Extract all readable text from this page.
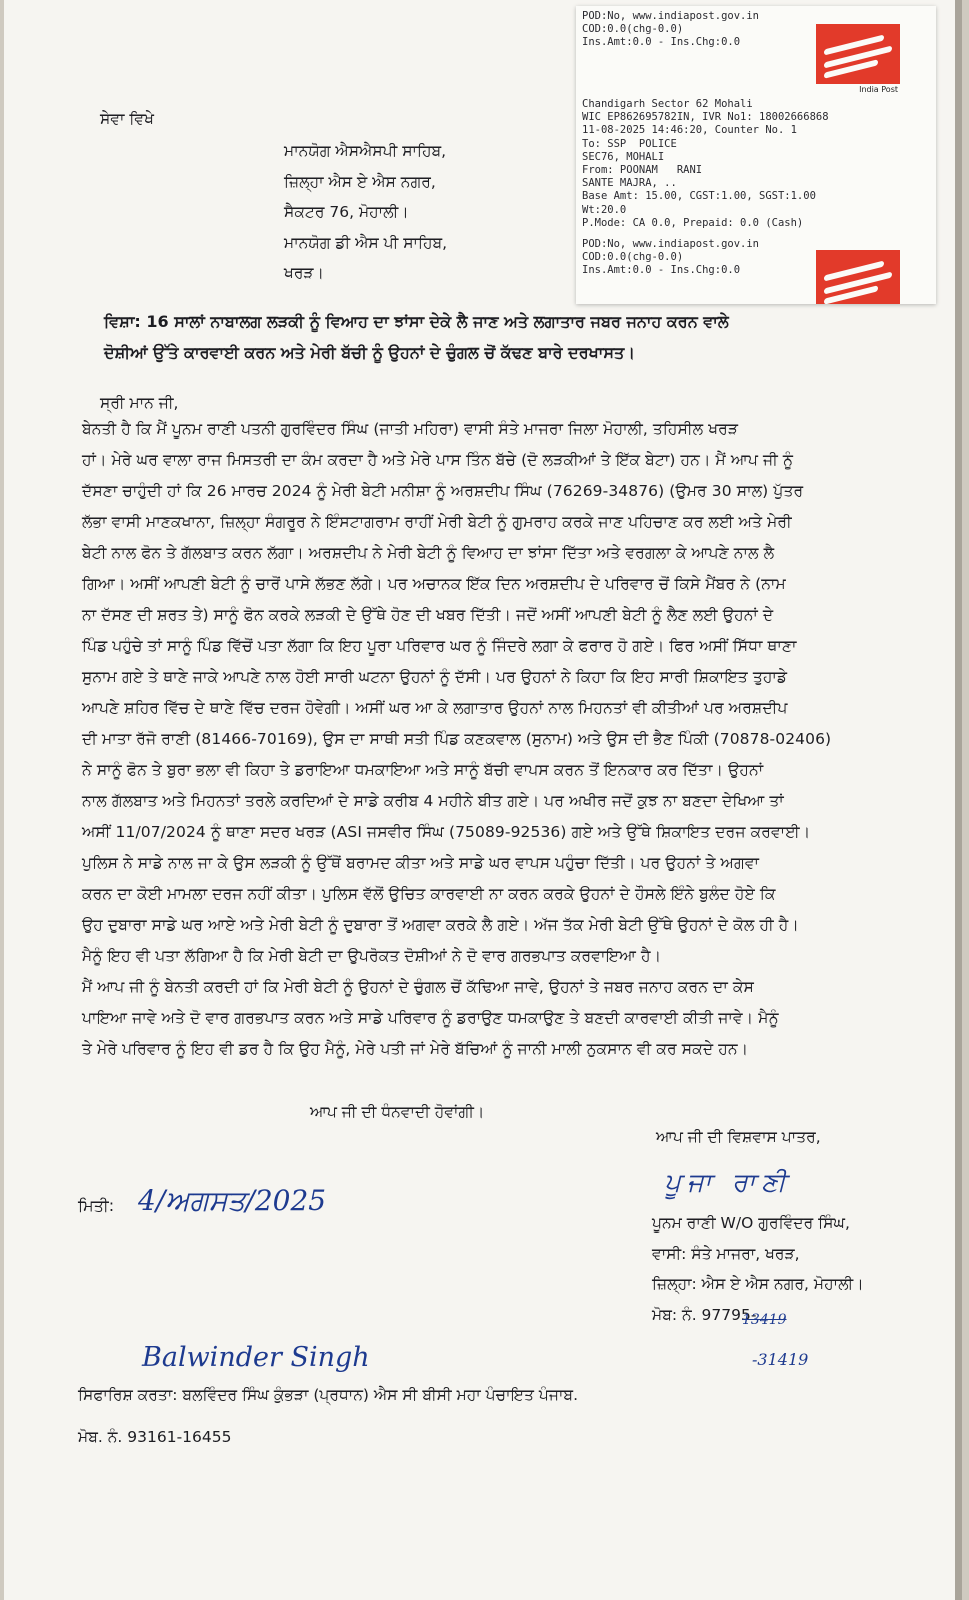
POD:No, www.indiapost.gov.in
COD:0.0(chg-0.0)
Ins.Amt:0.0 - Ins.Chg:0.0
Chandigarh Sector 62 Mohali
WIC EP862695782IN, IVR No1: 18002666868
11-08-2025 14:46:20, Counter No. 1
To: SSP  POLICE
SEC76, MOHALI
From: POONAM   RANI
SANTE MAJRA, ..
Base Amt: 15.00, CGST:1.00, SGST:1.00
Wt:20.0
P.Mode: CA 0.0, Prepaid: 0.0 (Cash)
POD:No, www.indiapost.gov.in
COD:0.0(chg-0.0)
Ins.Amt:0.0 - Ins.Chg:0.0
India Post
ਸੇਵਾ ਵਿਖੇ
ਮਾਨਯੋਗ ਐਸਐਸਪੀ ਸਾਹਿਬ,
ਜ਼ਿਲ੍ਹਾ ਐਸ ਏ ਐਸ ਨਗਰ,
ਸੈਕਟਰ 76, ਮੋਹਾਲੀ।
ਮਾਨਯੋਗ ਡੀ ਐਸ ਪੀ ਸਾਹਿਬ,
ਖਰੜ।
ਵਿਸ਼ਾ: 16 ਸਾਲਾਂ ਨਾਬਾਲਗ ਲੜਕੀ ਨੂੰ ਵਿਆਹ ਦਾ ਝਾਂਸਾ ਦੇਕੇ ਲੈ ਜਾਣ ਅਤੇ ਲਗਾਤਾਰ ਜਬਰ ਜਨਾਹ ਕਰਨ ਵਾਲੇ
ਦੋਸ਼ੀਆਂ ਉੱਤੇ ਕਾਰਵਾਈ ਕਰਨ ਅਤੇ ਮੇਰੀ ਬੱਚੀ ਨੂੰ ਉਹਨਾਂ ਦੇ ਚੁੰਗਲ ਚੋਂ ਕੱਢਣ ਬਾਰੇ ਦਰਖਾਸਤ।
ਸ੍ਰੀ ਮਾਨ ਜੀ,
ਬੇਨਤੀ ਹੈ ਕਿ ਮੈਂ ਪੂਨਮ ਰਾਣੀ ਪਤਨੀ ਗੁਰਵਿੰਦਰ ਸਿੰਘ (ਜਾਤੀ ਮਹਿਰਾ) ਵਾਸੀ ਸੰਤੇ ਮਾਜਰਾ ਜਿਲਾ ਮੋਹਾਲੀ, ਤਹਿਸੀਲ ਖਰੜ
ਹਾਂ। ਮੇਰੇ ਘਰ ਵਾਲਾ ਰਾਜ ਮਿਸਤਰੀ ਦਾ ਕੰਮ ਕਰਦਾ ਹੈ ਅਤੇ ਮੇਰੇ ਪਾਸ ਤਿੰਨ ਬੱਚੇ (ਦੋ ਲੜਕੀਆਂ ਤੇ ਇੱਕ ਬੇਟਾ) ਹਨ। ਮੈਂ ਆਪ ਜੀ ਨੂੰ
ਦੱਸਣਾ ਚਾਹੁੰਦੀ ਹਾਂ ਕਿ 26 ਮਾਰਚ 2024 ਨੂੰ ਮੇਰੀ ਬੇਟੀ ਮਨੀਸ਼ਾ ਨੂੰ ਅਰਸ਼ਦੀਪ ਸਿੰਘ (76269-34876) (ਉਮਰ 30 ਸਾਲ) ਪੁੱਤਰ
ਲੱਭਾ ਵਾਸੀ ਮਾਣਕਖਾਨਾ, ਜ਼ਿਲ੍ਹਾ ਸੰਗਰੂਰ ਨੇ ਇੰਸਟਾਗਰਾਮ ਰਾਹੀਂ ਮੇਰੀ ਬੇਟੀ ਨੂੰ ਗੁਮਰਾਹ ਕਰਕੇ ਜਾਣ ਪਹਿਚਾਣ ਕਰ ਲਈ ਅਤੇ ਮੇਰੀ
ਬੇਟੀ ਨਾਲ ਫੋਨ ਤੇ ਗੱਲਬਾਤ ਕਰਨ ਲੱਗਾ। ਅਰਸ਼ਦੀਪ ਨੇ ਮੇਰੀ ਬੇਟੀ ਨੂੰ ਵਿਆਹ ਦਾ ਝਾਂਸਾ ਦਿੱਤਾ ਅਤੇ ਵਰਗਲਾ ਕੇ ਆਪਣੇ ਨਾਲ ਲੈ
ਗਿਆ। ਅਸੀਂ ਆਪਣੀ ਬੇਟੀ ਨੂੰ ਚਾਰੋਂ ਪਾਸੇ ਲੱਭਣ ਲੱਗੇ। ਪਰ ਅਚਾਨਕ ਇੱਕ ਦਿਨ ਅਰਸ਼ਦੀਪ ਦੇ ਪਰਿਵਾਰ ਚੋਂ ਕਿਸੇ ਮੈਂਬਰ ਨੇ (ਨਾਮ
ਨਾ ਦੱਸਣ ਦੀ ਸ਼ਰਤ ਤੇ) ਸਾਨੂੰ ਫੋਨ ਕਰਕੇ ਲੜਕੀ ਦੇ ਉੱਥੇ ਹੋਣ ਦੀ ਖਬਰ ਦਿੱਤੀ। ਜਦੋਂ ਅਸੀਂ ਆਪਣੀ ਬੇਟੀ ਨੂੰ ਲੈਣ ਲਈ ਉਹਨਾਂ ਦੇ
ਪਿੰਡ ਪਹੁੰਚੇ ਤਾਂ ਸਾਨੂੰ ਪਿੰਡ ਵਿੱਚੋਂ ਪਤਾ ਲੱਗਾ ਕਿ ਇਹ ਪੂਰਾ ਪਰਿਵਾਰ ਘਰ ਨੂੰ ਜਿੰਦਰੇ ਲਗਾ ਕੇ ਫਰਾਰ ਹੋ ਗਏ। ਫਿਰ ਅਸੀਂ ਸਿੱਧਾ ਥਾਣਾ
ਸੁਨਾਮ ਗਏ ਤੇ ਥਾਣੇ ਜਾਕੇ ਆਪਣੇ ਨਾਲ ਹੋਈ ਸਾਰੀ ਘਟਨਾ ਉਹਨਾਂ ਨੂੰ ਦੱਸੀ। ਪਰ ਉਹਨਾਂ ਨੇ ਕਿਹਾ ਕਿ ਇਹ ਸਾਰੀ ਸ਼ਿਕਾਇਤ ਤੁਹਾਡੇ
ਆਪਣੇ ਸ਼ਹਿਰ ਵਿੱਚ ਦੇ ਥਾਣੇ ਵਿੱਚ ਦਰਜ ਹੋਵੇਗੀ। ਅਸੀਂ ਘਰ ਆ ਕੇ ਲਗਾਤਾਰ ਉਹਨਾਂ ਨਾਲ ਮਿਹਨਤਾਂ ਵੀ ਕੀਤੀਆਂ ਪਰ ਅਰਸ਼ਦੀਪ
ਦੀ ਮਾਤਾ ਰੱਜੋ ਰਾਣੀ (81466-70169), ਉਸ ਦਾ ਸਾਥੀ ਸਤੀ ਪਿੰਡ ਕਣਕਵਾਲ (ਸੁਨਾਮ) ਅਤੇ ਉਸ ਦੀ ਭੈਣ ਪਿੰਕੀ (70878-02406)
ਨੇ ਸਾਨੂੰ ਫੋਨ ਤੇ ਬੁਰਾ ਭਲਾ ਵੀ ਕਿਹਾ ਤੇ ਡਰਾਇਆ ਧਮਕਾਇਆ ਅਤੇ ਸਾਨੂੰ ਬੱਚੀ ਵਾਪਸ ਕਰਨ ਤੋਂ ਇਨਕਾਰ ਕਰ ਦਿੱਤਾ। ਉਹਨਾਂ
ਨਾਲ ਗੱਲਬਾਤ ਅਤੇ ਮਿਹਨਤਾਂ ਤਰਲੇ ਕਰਦਿਆਂ ਦੇ ਸਾਡੇ ਕਰੀਬ 4 ਮਹੀਨੇ ਬੀਤ ਗਏ। ਪਰ ਅਖੀਰ ਜਦੋਂ ਕੁਝ ਨਾ ਬਣਦਾ ਦੇਖਿਆ ਤਾਂ
ਅਸੀਂ 11/07/2024 ਨੂੰ ਥਾਣਾ ਸਦਰ ਖਰੜ (ASI ਜਸਵੀਰ ਸਿੰਘ (75089-92536) ਗਏ ਅਤੇ ਉੱਥੇ ਸ਼ਿਕਾਇਤ ਦਰਜ ਕਰਵਾਈ।
ਪੁਲਿਸ ਨੇ ਸਾਡੇ ਨਾਲ ਜਾ ਕੇ ਉਸ ਲੜਕੀ ਨੂੰ ਉੱਥੋਂ ਬਰਾਮਦ ਕੀਤਾ ਅਤੇ ਸਾਡੇ ਘਰ ਵਾਪਸ ਪਹੁੰਚਾ ਦਿੱਤੀ। ਪਰ ਉਹਨਾਂ ਤੇ ਅਗਵਾ
ਕਰਨ ਦਾ ਕੋਈ ਮਾਮਲਾ ਦਰਜ ਨਹੀਂ ਕੀਤਾ। ਪੁਲਿਸ ਵੱਲੋਂ ਉਚਿਤ ਕਾਰਵਾਈ ਨਾ ਕਰਨ ਕਰਕੇ ਉਹਨਾਂ ਦੇ ਹੌਸਲੇ ਇੰਨੇ ਬੁਲੰਦ ਹੋਏ ਕਿ
ਉਹ ਦੁਬਾਰਾ ਸਾਡੇ ਘਰ ਆਏ ਅਤੇ ਮੇਰੀ ਬੇਟੀ ਨੂੰ ਦੁਬਾਰਾ ਤੋਂ ਅਗਵਾ ਕਰਕੇ ਲੈ ਗਏ। ਅੱਜ ਤੱਕ ਮੇਰੀ ਬੇਟੀ ਉੱਥੇ ਉਹਨਾਂ ਦੇ ਕੋਲ ਹੀ ਹੈ।
ਮੈਨੂੰ ਇਹ ਵੀ ਪਤਾ ਲੱਗਿਆ ਹੈ ਕਿ ਮੇਰੀ ਬੇਟੀ ਦਾ ਉਪਰੋਕਤ ਦੋਸ਼ੀਆਂ ਨੇ ਦੋ ਵਾਰ ਗਰਭਪਾਤ ਕਰਵਾਇਆ ਹੈ।
ਮੈਂ ਆਪ ਜੀ ਨੂੰ ਬੇਨਤੀ ਕਰਦੀ ਹਾਂ ਕਿ ਮੇਰੀ ਬੇਟੀ ਨੂੰ ਉਹਨਾਂ ਦੇ ਚੁੰਗਲ ਚੋਂ ਕੱਢਿਆ ਜਾਵੇ, ਉਹਨਾਂ ਤੇ ਜਬਰ ਜਨਾਹ ਕਰਨ ਦਾ ਕੇਸ
ਪਾਇਆ ਜਾਵੇ ਅਤੇ ਦੋ ਵਾਰ ਗਰਭਪਾਤ ਕਰਨ ਅਤੇ ਸਾਡੇ ਪਰਿਵਾਰ ਨੂੰ ਡਰਾਉਣ ਧਮਕਾਉਣ ਤੇ ਬਣਦੀ ਕਾਰਵਾਈ ਕੀਤੀ ਜਾਵੇ। ਮੈਨੂੰ
ਤੇ ਮੇਰੇ ਪਰਿਵਾਰ ਨੂੰ ਇਹ ਵੀ ਡਰ ਹੈ ਕਿ ਉਹ ਮੈਨੂੰ, ਮੇਰੇ ਪਤੀ ਜਾਂ ਮੇਰੇ ਬੱਚਿਆਂ ਨੂੰ ਜਾਨੀ ਮਾਲੀ ਨੁਕਸਾਨ ਵੀ ਕਰ ਸਕਦੇ ਹਨ।
ਆਪ ਜੀ ਦੀ ਧੰਨਵਾਦੀ ਹੋਵਾਂਗੀ।
ਆਪ ਜੀ ਦੀ ਵਿਸ਼ਵਾਸ ਪਾਤਰ,
ਮਿਤੀ: 4/ਅਗਸਤ/2025
ਪੂਜਾ ਰਾਣੀ
ਪੂਨਮ ਰਾਣੀ W/O ਗੁਰਵਿੰਦਰ ਸਿੰਘ,
ਵਾਸੀ: ਸੰਤੇ ਮਾਜਰਾ, ਖਰੜ,
ਜ਼ਿਲ੍ਹਾ: ਐਸ ਏ ਐਸ ਨਗਰ, ਮੋਹਾਲੀ।
ਮੋਬ: ਨੰ. 97795-
13419
-31419
Balwinder Singh
ਸਿਫਾਰਿਸ਼ ਕਰਤਾ: ਬਲਵਿੰਦਰ ਸਿੰਘ ਕੁੰਭੜਾ (ਪ੍ਰਧਾਨ) ਐਸ ਸੀ ਬੀਸੀ ਮਹਾ ਪੰਚਾਇਤ ਪੰਜਾਬ.
ਮੋਬ. ਨੰ. 93161-16455
